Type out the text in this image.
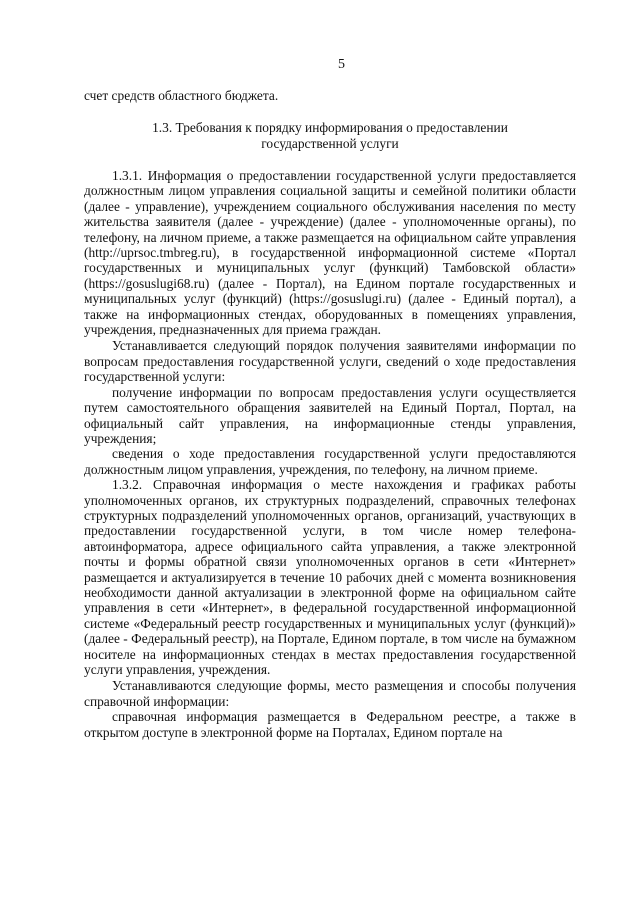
5

счет средств областного бюджета.

1.3. Требования к порядку информирования о предоставлении
государственной услуги

1.3.1. Информация о предоставлении государственной услуги предоставляется должностным лицом управления социальной защиты и семейной политики области (далее - управление), учреждением социального обслуживания населения по месту жительства заявителя (далее - учреждение) (далее - уполномоченные органы), по телефону, на личном приеме, а также размещается на официальном сайте управления (http://uprsoc.tmbreg.ru), в государственной информационной системе «Портал государственных и муниципальных услуг (функций) Тамбовской области» (https://gosuslugi68.ru) (далее - Портал), на Едином портале государственных и муниципальных услуг (функций) (https://gosuslugi.ru) (далее - Единый портал), а также на информационных стендах, оборудованных в помещениях управления, учреждения, предназначенных для приема граждан.

Устанавливается следующий порядок получения заявителями информации по вопросам предоставления государственной услуги, сведений о ходе предоставления государственной услуги:

получение информации по вопросам предоставления услуги осуществляется путем самостоятельного обращения заявителей на Единый Портал, Портал, на официальный сайт управления, на информационные стенды управления, учреждения;

сведения о ходе предоставления государственной услуги предоставляются должностным лицом управления, учреждения, по телефону, на личном приеме.

1.3.2. Справочная информация о месте нахождения и графиках работы уполномоченных органов, их структурных подразделений, справочных телефонах структурных подразделений уполномоченных органов, организаций, участвующих в предоставлении государственной услуги, в том числе номер телефона-автоинформатора, адресе официального сайта управления, а также электронной почты и формы обратной связи уполномоченных органов в сети «Интернет» размещается и актуализируется в течение 10 рабочих дней с момента возникновения необходимости данной актуализации в электронной форме на официальном сайте управления в сети «Интернет», в федеральной государственной информационной системе «Федеральный реестр государственных и муниципальных услуг (функций)» (далее - Федеральный реестр), на Портале, Едином портале, в том числе на бумажном носителе на информационных стендах в местах предоставления государственной услуги управления, учреждения.

Устанавливаются следующие формы, место размещения и способы получения справочной информации:

справочная информация размещается в Федеральном реестре, а также в открытом доступе в электронной форме на Порталах, Едином портале на
